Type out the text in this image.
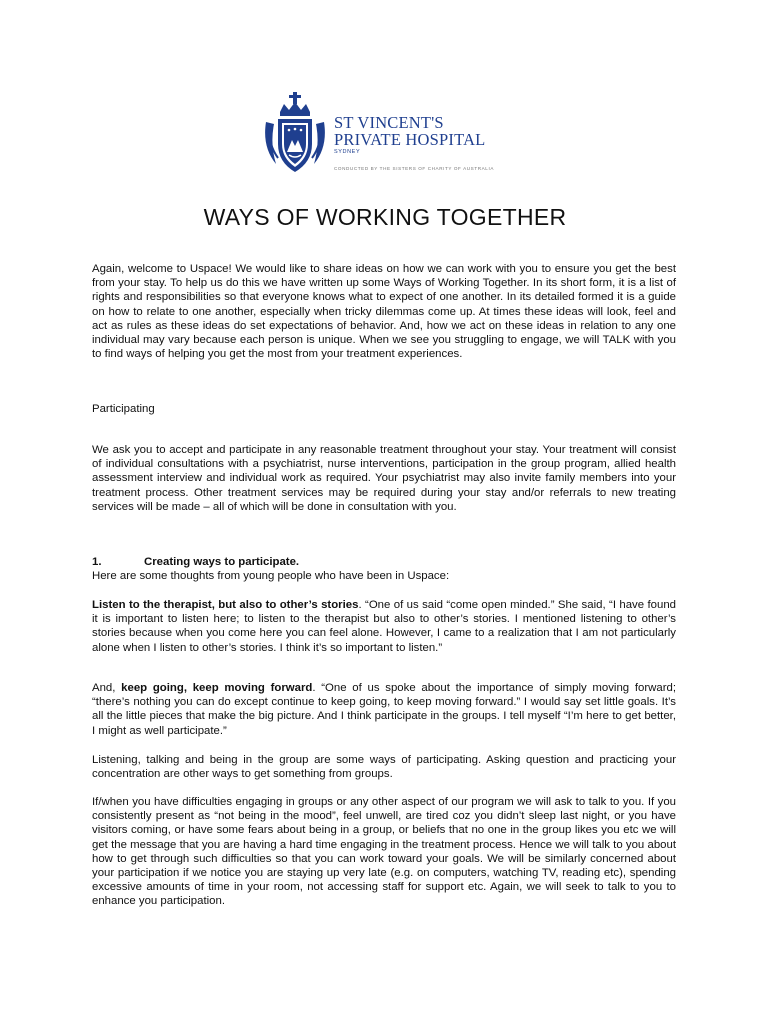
ST VINCENT'S
PRIVATE HOSPITAL
SYDNEY
CONDUCTED BY THE SISTERS OF CHARITY OF AUSTRALIA
WAYS OF WORKING TOGETHER

Again, welcome to Uspace! We would like to share ideas on how we can work with you to ensure you get the best from your stay. To help us do this we have written up some Ways of Working Together. In its short form, it is a list of rights and responsibilities so that everyone knows what to expect of one another. In its detailed formed it is a guide on how to relate to one another, especially when tricky dilemmas come up. At times these ideas will look, feel and act as rules as these ideas do set expectations of behavior. And, how we act on these ideas in relation to any one individual may vary because each person is unique. When we see you struggling to engage, we will TALK with you to find ways of helping you get the most from your treatment experiences.

Participating

We ask you to accept and participate in any reasonable treatment throughout your stay. Your treatment will consist of individual consultations with a psychiatrist, nurse interventions, participation in the group program, allied health assessment interview and individual work as required. Your psychiatrist may also invite family members into your treatment process. Other treatment services may be required during your stay and/or referrals to new treating services will be made – all of which will be done in consultation with you.

1.	Creating ways to participate.
Here are some thoughts from young people who have been in Uspace:

Listen to the therapist, but also to other’s stories. “One of us said “come open minded.” She said, “I have found it is important to listen here; to listen to the therapist but also to other’s stories. I mentioned listening to other’s stories because when you come here you can feel alone. However, I came to a realization that I am not particularly alone when I listen to other’s stories. I think it’s so important to listen.”

And, keep going, keep moving forward. “One of us spoke about the importance of simply moving forward; “there’s nothing you can do except continue to keep going, to keep moving forward.” I would say set little goals. It’s all the little pieces that make the big picture. And I think participate in the groups. I tell myself “I’m here to get better, I might as well participate.”

Listening, talking and being in the group are some ways of participating. Asking question and practicing your concentration are other ways to get something from groups.

If/when you have difficulties engaging in groups or any other aspect of our program we will ask to talk to you. If you consistently present as “not being in the mood”, feel unwell, are tired coz you didn’t sleep last night, or you have visitors coming, or have some fears about being in a group, or beliefs that no one in the group likes you etc we will get the message that you are having a hard time engaging in the treatment process. Hence we will talk to you about how to get through such difficulties so that you can work toward your goals. We will be similarly concerned about your participation if we notice you are staying up very late (e.g. on computers, watching TV, reading etc), spending excessive amounts of time in your room, not accessing staff for support etc. Again, we will seek to talk to you to enhance you participation.
